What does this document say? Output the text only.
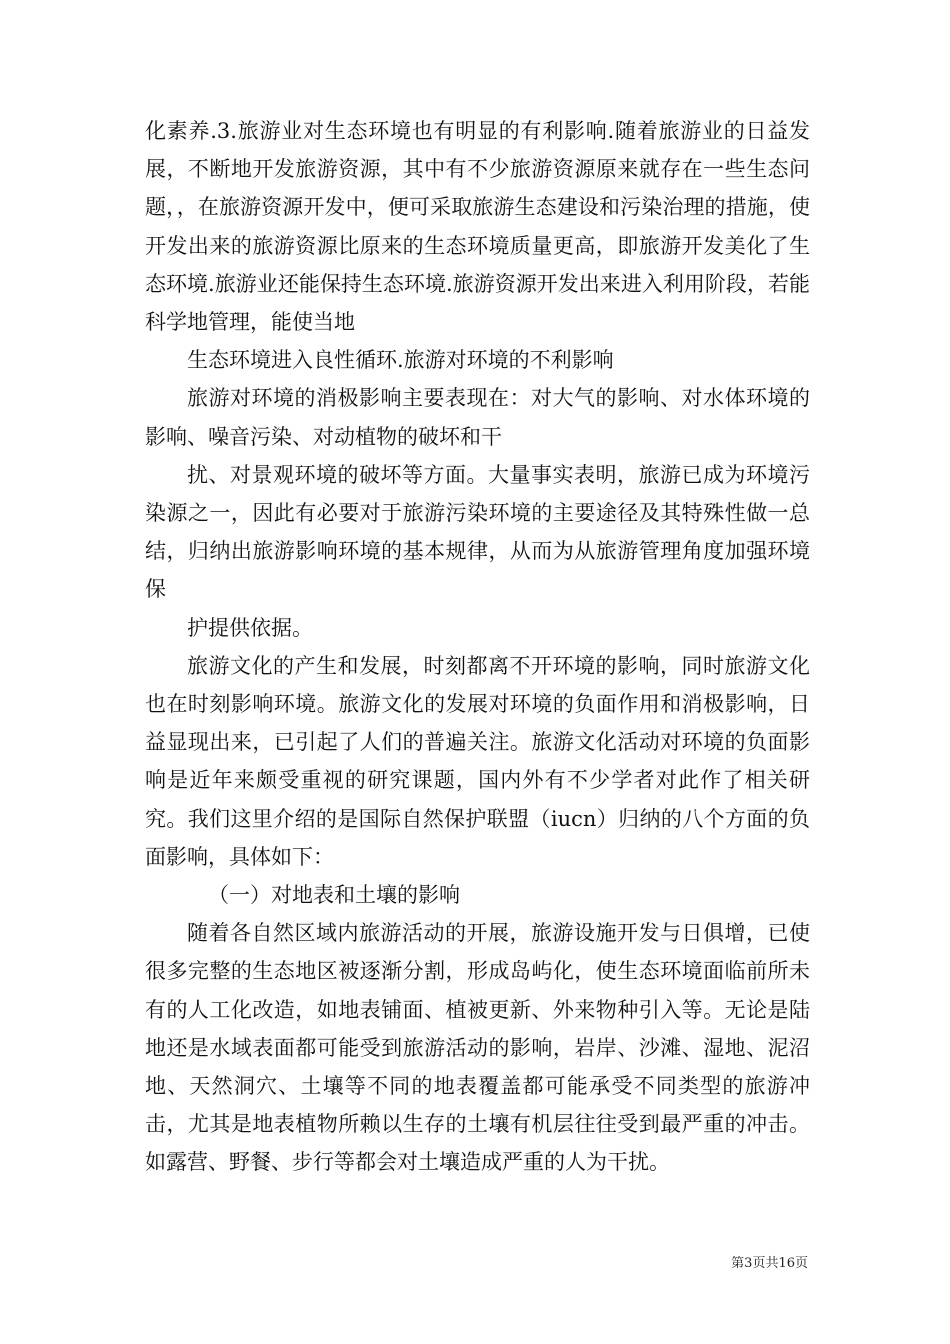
化素养.3.旅游业对生态环境也有明显的有利影响.随着旅游业的日益发展，不断地开发旅游资源，其中有不少旅游资源原来就存在一些生态问题，，在旅游资源开发中，便可采取旅游生态建设和污染治理的措施，使开发出来的旅游资源比原来的生态环境质量更高，即旅游开发美化了生态环境.旅游业还能保持生态环境.旅游资源开发出来进入利用阶段，若能科学地管理，能使当地

生态环境进入良性循环.旅游对环境的不利影响

旅游对环境的消极影响主要表现在：对大气的影响、对水体环境的影响、噪音污染、对动植物的破坏和干

扰、对景观环境的破坏等方面。大量事实表明，旅游已成为环境污染源之一，因此有必要对于旅游污染环境的主要途径及其特殊性做一总结，归纳出旅游影响环境的基本规律，从而为从旅游管理角度加强环境保

护提供依据。

旅游文化的产生和发展，时刻都离不开环境的影响，同时旅游文化也在时刻影响环境。旅游文化的发展对环境的负面作用和消极影响，日益显现出来，已引起了人们的普遍关注。旅游文化活动对环境的负面影响是近年来颇受重视的研究课题，国内外有不少学者对此作了相关研究。我们这里介绍的是国际自然保护联盟（iucn）归纳的八个方面的负面影响，具体如下：

（一）对地表和土壤的影响

随着各自然区域内旅游活动的开展，旅游设施开发与日俱增，已使很多完整的生态地区被逐渐分割，形成岛屿化，使生态环境面临前所未有的人工化改造，如地表铺面、植被更新、外来物种引入等。无论是陆地还是水域表面都可能受到旅游活动的影响，岩岸、沙滩、湿地、泥沼地、天然洞穴、土壤等不同的地表覆盖都可能承受不同类型的旅游冲击，尤其是地表植物所赖以生存的土壤有机层往往受到最严重的冲击。如露营、野餐、步行等都会对土壤造成严重的人为干扰。

第3页共16页
